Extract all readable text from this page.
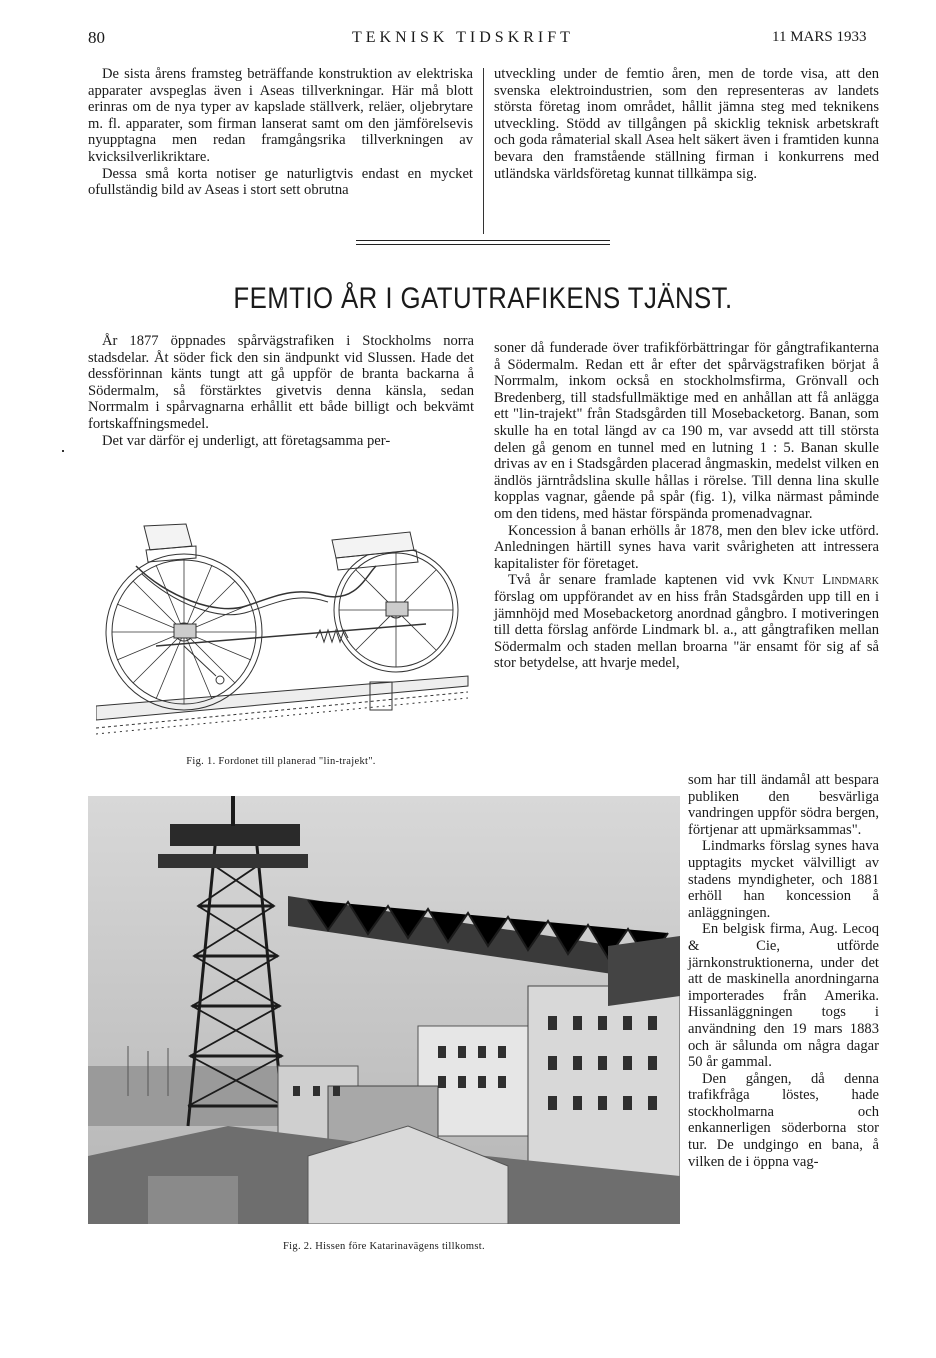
80	TEKNISK TIDSKRIFT	11 MARS 1933

De sista årens framsteg beträffande konstruktion av elektriska apparater avspeglas även i Aseas tillverkningar. Här må blott erinras om de nya typer av kapslade ställverk, reläer, oljebrytare m. fl. apparater, som firman lanserat samt om den jämförelsevis nyupptagna men redan framgångsrika tillverkningen av kvicksilverlikriktare.

Dessa små korta notiser ge naturligtvis endast en mycket ofullständig bild av Aseas i stort sett obrutna

utveckling under de femtio åren, men de torde visa, att den svenska elektroindustrien, som den representeras av landets största företag inom området, hållit jämna steg med teknikens utveckling. Stödd av tillgången på skicklig teknisk arbetskraft och goda råmaterial skall Asea helt säkert även i framtiden kunna bevara den framstående ställning firman i konkurrens med utländska världsföretag kunnat tillkämpa sig.

FEMTIO ÅR I GATUTRAFIKENS TJÄNST.

År 1877 öppnades spårvägstrafiken i Stockholms norra stadsdelar. Åt söder fick den sin ändpunkt vid Slussen. Hade det dessförinnan känts tungt att gå uppför de branta backarna å Södermalm, så förstärktes givetvis denna känsla, sedan Norrmalm i spårvagnarna erhållit ett både billigt och bekvämt fortskaffningsmedel.

Det var därför ej underligt, att företagsamma per-

soner då funderade över trafikförbättringar för gångtrafikanterna å Södermalm. Redan ett år efter det spårvägstrafiken börjat å Norrmalm, inkom också en stockholmsfirma, Grönvall och Bredenberg, till stadsfullmäktige med en anhållan att få anlägga ett "lin-trajekt" från Stadsgården till Mosebacketorg. Banan, som skulle ha en total längd av ca 190 m, var avsedd att till största delen gå genom en tunnel med en lutning 1 : 5. Banan skulle drivas av en i Stadsgården placerad ångmaskin, medelst vilken en ändlös järntrådslina skulle hållas i rörelse. Till denna lina skulle kopplas vagnar, gående på spår (fig. 1), vilka närmast påminde om den tidens, med hästar förspända promenadvagnar.

Koncession å banan erhölls år 1878, men den blev icke utförd. Anledningen härtill synes hava varit svårigheten att intressera kapitalister för företaget.

Två år senare framlade kaptenen vid vvk Knut Lindmark förslag om uppförandet av en hiss från Stadsgården upp till en i jämnhöjd med Mosebacketorg anordnad gångbro. I motiveringen till detta förslag anförde Lindmark bl. a., att gångtrafiken mellan Södermalm och staden mellan broarna "är ensamt för sig af så stor betydelse, att hvarje medel,

som har till ändamål att bespara publiken den besvärliga vandringen uppför södra bergen, förtjenar att upmärksammas".

Lindmarks förslag synes hava upptagits mycket välvilligt av stadens myndigheter, och 1881 erhöll han koncession å anläggningen.

En belgisk firma, Aug. Lecoq & Cie, utförde järnkonstruktionerna, under det att de maskinella anordningarna importerades från Amerika. Hissanläggningen togs i användning den 19 mars 1883 och är sålunda om några dagar 50 år gammal.

Den gången, då denna trafikfråga löstes, hade stockholmarna och enkannerligen söderborna stor tur. De undgingo en bana, å vilken de i öppna vag-

Fig. 1. Fordonet till planerad "lin-trajekt".
Fig. 2. Hissen före Katarinavägens tillkomst.
